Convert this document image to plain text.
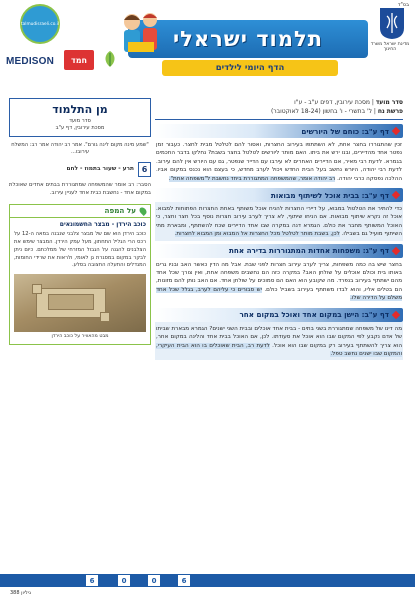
talmudisraeli.co.il
MEDISON	חמד
תלמוד ישראלי
הדף היומי לילדים
בס"ד
מדינת ישראל משרד החינוך
סדר מועד | מסכת עירובין, דפים ע"ב - ע"ו
פרשת נח | ל' בתשרי - ו' בחשון (18-24 לאוקטובר)
דף ע"ב: כוחם של היורשים
זכין שהתגוררו בחצר אחת, לא השתתפו בעירוב החצרות, ואסור להם לטלטל מבית לחצר. כעבור זמן נפטר אחד מהדיירים, ובנו ירש את ביתו. האם מותר ליורשים לטלטל בחצר בשבת? נחלקו בדבר החכמים בגמרא. לדעת רבי מאיר, אם הדיירים האחרים לא עירבו עם הדייר שנפטר, גם עם היורש אין להם עירוב. לדעת רבי יהודה, היורש נחשב בעל הבית החדש ויכול לערב מחדש, כי בעצם הוא נכנס במקום אביו. ההלכה נפסקה כרבי יהודה. רב יהודה אומר, שהמשפחה המתגוררת ביחד נחשבת ל"משפחה אחת".
דף ע"ב: בבית אוכל לשיתוף מבואות
כדי להתיר את הטלטול במבוא, על דיירי החצרות להניח אוכל משותף באחת החצרות הפתוחות למבוא. אוכל זה נקרא שיתוף מבואות. אם הניחו שיתוף, לא צריך לערב עירוב חצרות נוסף בכל חצר וחצר, כי האוכל המשותף מחבר את כולם. הגמרא דנה במקרה שבו אחד הדיירים שכח להשתתף, ומבארת מתי השיתוף מועיל גם בשבילו. לכן, בשבת מותר לטלטל מכל החצרות אל המבוא ומן המבוא לחצרות.
דף ע"ג: משפחות אחדות המתגוררות בדירה אחת
בחצר שיש בה כמה משפחות, צריך לערב עירוב חצרות לפני שבת. אבל מה הדין כאשר האב ובניו גרים באותו בית וכולם אוכלים על שולחן האב? במקרה כזה הם נחשבים משפחה אחת, ואין צורך שכל אחד מהם ישתתף בעירוב בנפרד. מה שקובע הוא האם הם סמוכים על שולחן אחד. אם האב נותן להם מזונות, הם בטלים אליו, והוא לבדו משתתף בעירוב בשביל כולם. יש סבורים כי עליהם לערב, בגלל שכל אחד משלם על הדירה שלו.
דף ע"ב: הישן במקום אחד ואוכל במקום אחר
מה דינו של משפחה שמתגוררת בשני בתים - בבית אחד אוכלים ובבית השני ישנים? הגמרא מבארת שביתו של אדם נקבע לפי המקום שבו הוא אוכל את סעודתו. לכן, אם האוכל בבית אחד והלינה במקום אחר, הוא צריך להשתתף בעירוב רק במקום שבו הוא אוכל. לדעת רב, הבית שאוכלים בו הוא הבית העיקרי, והמקום שבו ישנים נחשב טפל.
מן התלמוד
סדר מועד
מסכת עירובין, דף ע"ב
"שמע מינה מקום לינה גורם". אמר רב יהודה אמר רב: המשלח עירובו...
6
תרע - שעור בתמוז - לחם
הסבר: רב אומר שהמשפחה שמתגוררת בבתים אחדים שאוכלת במקום אחד - נחשבת כבית אחד לעניין עירוב.
על המפה
כוכב הירדן - מבצר החשמונאים
כוכב הירדן הוא שם של מבצר צלבני שנבנה במאה ה-12 על רכס הרי הגליל התחתון, מעל עמק הירדן. המבצר שימש את הצלבנים להגנה על הגבול המזרחי של ממלכתם. כיום ניתן לבקר במקום במסגרת גן לאומי, ולראות את שרידי החומות, המגדלים והתעלה החצובה בסלע.
מבט מהאוויר על כוכב הירדן
6	0	0	6
גיליון 388
